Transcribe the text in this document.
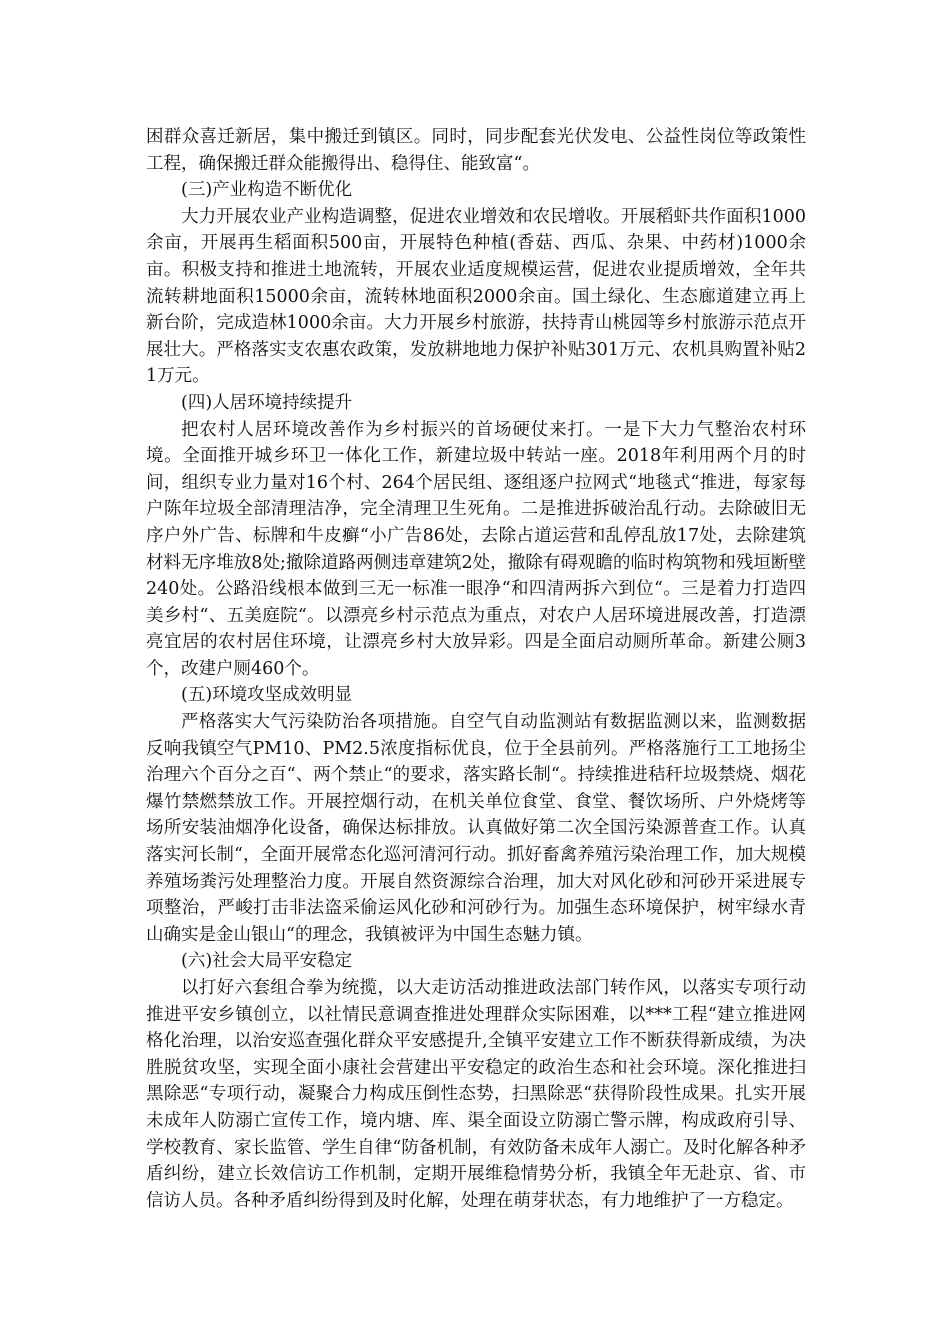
困群众喜迁新居，集中搬迁到镇区。同时，同步配套光伏发电、公益性岗位等政策性工程，确保搬迁群众能搬得出、稳得住、能致富“。

(三)产业构造不断优化

大力开展农业产业构造调整，促进农业增效和农民增收。开展稻虾共作面积1000余亩，开展再生稻面积500亩，开展特色种植(香菇、西瓜、杂果、中药材)1000余亩。积极支持和推进土地流转，开展农业适度规模运营，促进农业提质增效，全年共流转耕地面积15000余亩，流转林地面积2000余亩。国土绿化、生态廊道建立再上新台阶，完成造林1000余亩。大力开展乡村旅游，扶持青山桃园等乡村旅游示范点开展壮大。严格落实支农惠农政策，发放耕地地力保护补贴301万元、农机具购置补贴21万元。

(四)人居环境持续提升

把农村人居环境改善作为乡村振兴的首场硬仗来打。一是下大力气整治农村环境。全面推开城乡环卫一体化工作，新建垃圾中转站一座。2018年利用两个月的时间，组织专业力量对16个村、264个居民组、逐组逐户拉网式“地毯式“推进，每家每户陈年垃圾全部清理洁净，完全清理卫生死角。二是推进拆破治乱行动。去除破旧无序户外广告、标牌和牛皮癣“小广告86处，去除占道运营和乱停乱放17处，去除建筑材料无序堆放8处;撤除道路两侧违章建筑2处，撤除有碍观瞻的临时构筑物和残垣断壁240处。公路沿线根本做到三无一标准一眼净“和四清两拆六到位“。三是着力打造四美乡村“、五美庭院“。以漂亮乡村示范点为重点，对农户人居环境进展改善，打造漂亮宜居的农村居住环境，让漂亮乡村大放异彩。四是全面启动厕所革命。新建公厕3个，改建户厕460个。

(五)环境攻坚成效明显

严格落实大气污染防治各项措施。自空气自动监测站有数据监测以来，监测数据反响我镇空气PM10、PM2.5浓度指标优良，位于全县前列。严格落施行工工地扬尘治理六个百分之百“、两个禁止“的要求，落实路长制“。持续推进秸秆垃圾禁烧、烟花爆竹禁燃禁放工作。开展控烟行动，在机关单位食堂、食堂、餐饮场所、户外烧烤等场所安装油烟净化设备，确保达标排放。认真做好第二次全国污染源普查工作。认真落实河长制“，全面开展常态化巡河清河行动。抓好畜禽养殖污染治理工作，加大规模养殖场粪污处理整治力度。开展自然资源综合治理，加大对风化砂和河砂开采进展专项整治，严峻打击非法盗采偷运风化砂和河砂行为。加强生态环境保护，树牢绿水青山确实是金山银山“的理念，我镇被评为中国生态魅力镇。

(六)社会大局平安稳定

以打好六套组合拳为统揽，以大走访活动推进政法部门转作风，以落实专项行动推进平安乡镇创立，以社情民意调查推进处理群众实际困难，以***工程“建立推进网格化治理，以治安巡查强化群众平安感提升,全镇平安建立工作不断获得新成绩，为决胜脱贫攻坚，实现全面小康社会营建出平安稳定的政治生态和社会环境。深化推进扫黑除恶“专项行动，凝聚合力构成压倒性态势，扫黑除恶“获得阶段性成果。扎实开展未成年人防溺亡宣传工作，境内塘、库、渠全面设立防溺亡警示牌，构成政府引导、学校教育、家长监管、学生自律“防备机制，有效防备未成年人溺亡。及时化解各种矛盾纠纷，建立长效信访工作机制，定期开展维稳情势分析，我镇全年无赴京、省、市信访人员。各种矛盾纠纷得到及时化解，处理在萌芽状态，有力地维护了一方稳定。
